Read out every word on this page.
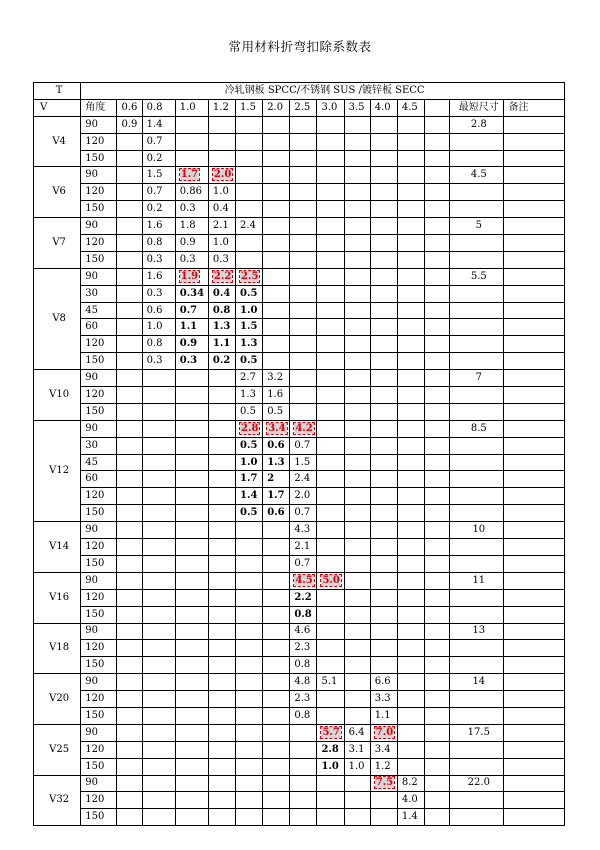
常用材料折弯扣除系数表
T	冷轧钢板 SPCC/不锈钢 SUS /镀锌板 SECC														
V	角度	0.6	0.8	1.0	1.2	1.5	2.0	2.5	3.0	3.5	4.0	4.5		最短尺寸	备注
V4	90	0.9	1.4											2.8	
	120		0.7												
	150		0.2												
V6	90		1.5	1.7	2.0									4.5	
	120		0.7	0.86	1.0										
	150		0.2	0.3	0.4										
V7	90		1.6	1.8	2.1	2.4								5	
	120		0.8	0.9	1.0										
	150		0.3	0.3	0.3										
V8	90		1.6	1.9	2.2	2.5								5.5	
	30		0.3	0.34	0.4	0.5									
	45		0.6	0.7	0.8	1.0									
	60		1.0	1.1	1.3	1.5									
	120		0.8	0.9	1.1	1.3									
	150		0.3	0.3	0.2	0.5									
V10	90					2.7	3.2							7	
	120					1.3	1.6								
	150					0.5	0.5								
V12	90					2.8	3.4	4.2						8.5	
	30					0.5	0.6	0.7							
	45					1.0	1.3	1.5							
	60					1.7	2	2.4							
	120					1.4	1.7	2.0							
	150					0.5	0.6	0.7							
V14	90							4.3						10	
	120							2.1							
	150							0.7							
V16	90							4.5	5.0					11	
	120							2.2							
	150							0.8							
V18	90							4.6						13	
	120							2.3							
	150							0.8							
V20	90							4.8	5.1		6.6			14	
	120							2.3			3.3				
	150							0.8			1.1				
V25	90								5.7	6.4	7.0			17.5	
	120								2.8	3.1	3.4				
	150								1.0	1.0	1.2				
V32	90										7.5	8.2		22.0	
	120											4.0			
	150											1.4			
